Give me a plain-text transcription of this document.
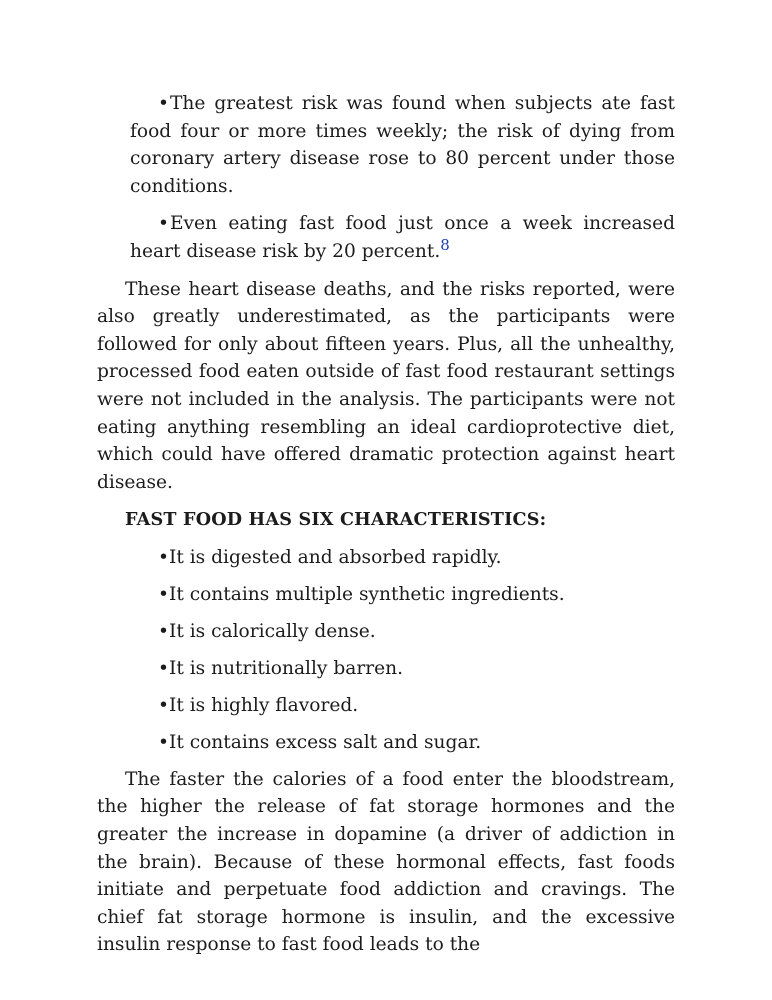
•The greatest risk was found when subjects ate fast food four or more times weekly; the risk of dying from coronary artery disease rose to 80 percent under those conditions.

•Even eating fast food just once a week increased heart disease risk by 20 percent.$^8$

These heart disease deaths, and the risks reported, were also greatly underestimated, as the participants were followed for only about fifteen years. Plus, all the unhealthy, processed food eaten outside of fast food restaurant settings were not included in the analysis. The participants were not eating anything resembling an ideal cardioprotective diet, which could have offered dramatic protection against heart disease.

FAST FOOD HAS SIX CHARACTERISTICS:

•It is digested and absorbed rapidly.

•It contains multiple synthetic ingredients.

•It is calorically dense.

•It is nutritionally barren.

•It is highly flavored.

•It contains excess salt and sugar.

The faster the calories of a food enter the bloodstream, the higher the release of fat storage hormones and the greater the increase in dopamine (a driver of addiction in the brain). Because of these hormonal effects, fast foods initiate and perpetuate food addiction and cravings. The chief fat storage hormone is insulin, and the excessive insulin response to fast food leads to the
